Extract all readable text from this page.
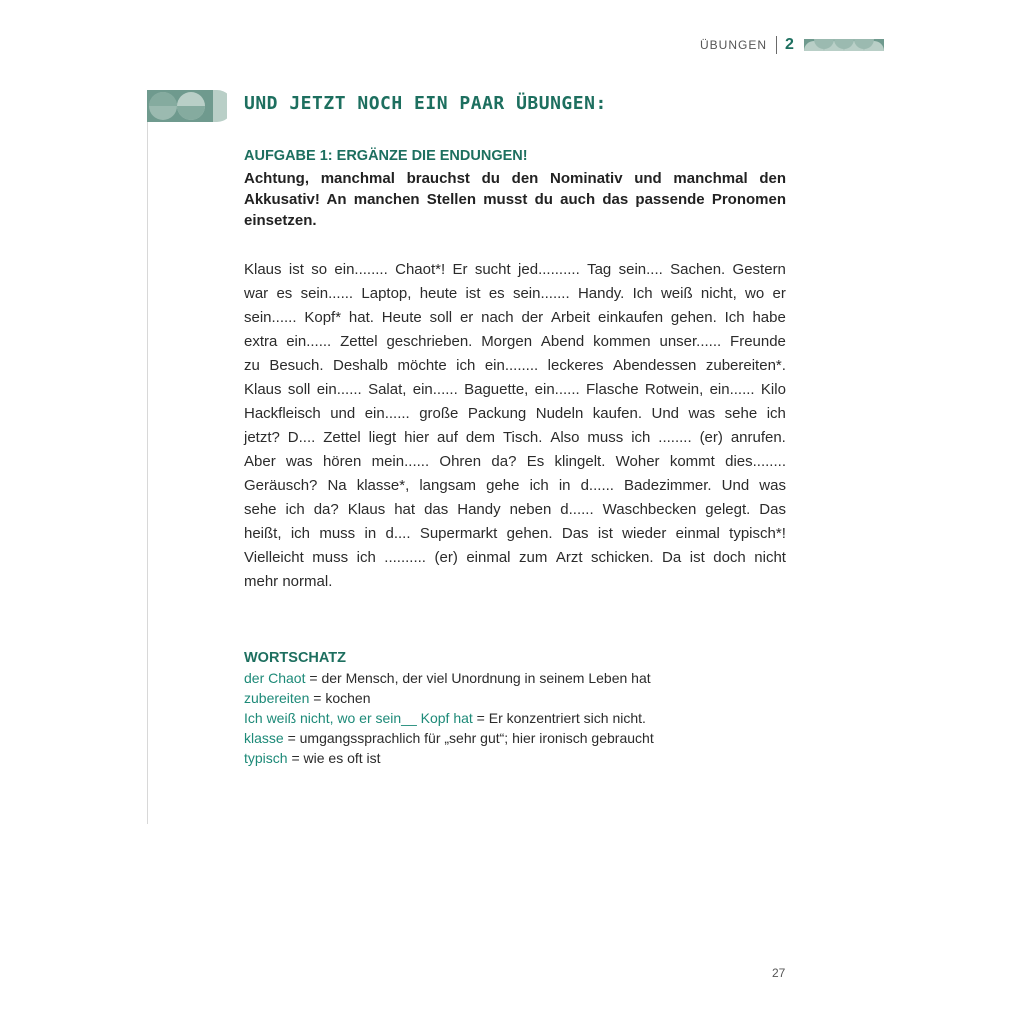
ÜBUNGEN 2
UND JETZT NOCH EIN PAAR ÜBUNGEN:
AUFGABE 1: ERGÄNZE DIE ENDUNGEN!

Achtung, manchmal brauchst du den Nominativ und manchmal den Akkusativ! An manchen Stellen musst du auch das passende Pronomen einsetzen.

Klaus ist so ein........ Chaot*! Er sucht jed.......... Tag sein.... Sachen. Gestern
war es sein...... Laptop, heute ist es sein....... Handy. Ich weiß nicht, wo er
sein...... Kopf* hat. Heute soll er nach der Arbeit einkaufen gehen. Ich habe
extra ein...... Zettel geschrieben. Morgen Abend kommen unser...... Freunde
zu Besuch. Deshalb möchte ich ein........ leckeres Abendessen zubereiten*.
Klaus soll ein...... Salat, ein...... Baguette, ein...... Flasche Rotwein, ein...... Kilo
Hackfleisch und ein...... große Packung Nudeln kaufen. Und was sehe ich
jetzt? D.... Zettel liegt hier auf dem Tisch. Also muss ich ........ (er) anrufen.
Aber was hören mein...... Ohren da? Es klingelt. Woher kommt dies........
Geräusch? Na klasse*, langsam gehe ich in d...... Badezimmer. Und was
sehe ich da? Klaus hat das Handy neben d...... Waschbecken gelegt. Das
heißt, ich muss in d.... Supermarkt gehen. Das ist wieder einmal typisch*!
Vielleicht muss ich .......... (er) einmal zum Arzt schicken. Da ist doch nicht
mehr normal.

WORTSCHATZ

der Chaot = der Mensch, der viel Unordnung in seinem Leben hat
zubereiten = kochen
Ich weiß nicht, wo er sein__ Kopf hat = Er konzentriert sich nicht.
klasse = umgangssprachlich für „sehr gut“; hier ironisch gebraucht
typisch = wie es oft ist
27
